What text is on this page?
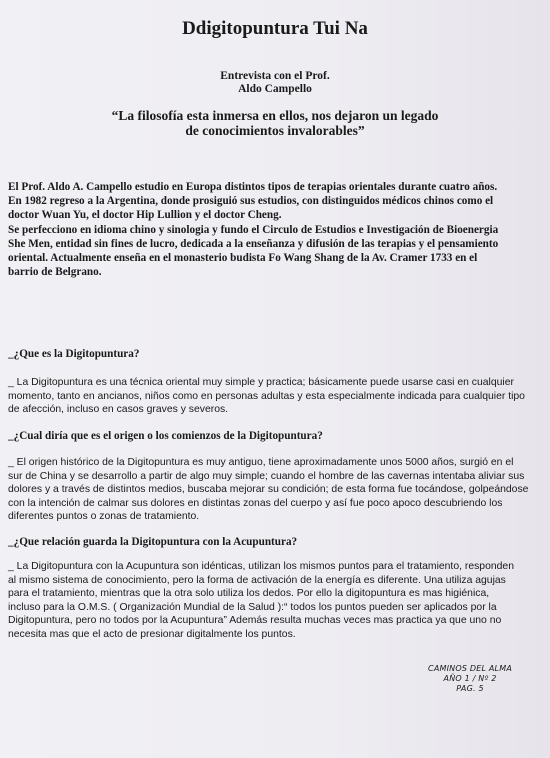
Ddigitopuntura Tui Na
Entrevista con el Prof.
Aldo Campello
“La filosofía esta inmersa en ellos, nos dejaron un legado
de conocimientos invalorables”
El Prof. Aldo A. Campello estudio en Europa distintos tipos de terapias orientales durante cuatro años.
En 1982 regreso a la Argentina, donde prosiguió sus estudios, con distinguidos médicos chinos como el
doctor Wuan Yu, el doctor Hip Lullion y el doctor Cheng.
Se perfecciono en idioma chino y sinologia y fundo el Circulo de Estudios e Investigación de Bioenergia
She Men, entidad sin fines de lucro, dedicada a la enseñanza y difusión de las terapias y el pensamiento
oriental. Actualmente enseña en el monasterio budista Fo Wang Shang de la Av. Cramer 1733 en el
barrio de Belgrano.
_¿Que es la Digitopuntura?
_ La Digitopuntura es una técnica oriental muy simple y practica; básicamente puede usarse casi en cualquier
momento, tanto en ancianos, niños como en personas adultas y esta especialmente indicada para cualquier tipo
de afección, incluso en casos graves y severos.
_¿Cual diría que es el origen o los comienzos de la Digitopuntura?
_ El origen histórico de la Digitopuntura es muy antiguo, tiene aproximadamente unos 5000 años, surgió en el
sur de China y se desarrollo a partir de algo muy simple; cuando el hombre de las cavernas intentaba aliviar sus
dolores y a través de distintos medios, buscaba mejorar su condición; de esta forma fue tocándose, golpeándose
con la intención de calmar sus dolores en distintas zonas del cuerpo y así fue poco apoco descubriendo los
diferentes puntos o zonas de tratamiento.
_¿Que relación guarda la Digitopuntura con la Acupuntura?
_ La Digitopuntura con la Acupuntura son idénticas, utilizan los mismos puntos para el tratamiento, responden
al mismo sistema de conocimiento, pero la forma de activación de la energía es diferente. Una utiliza agujas
para el tratamiento, mientras que la otra solo utiliza los dedos. Por ello la digitopuntura es mas higiénica,
incluso para la O.M.S. ( Organización Mundial de la Salud ):“ todos los puntos pueden ser aplicados por la
Digitopuntura, pero no todos por la Acupuntura” Además resulta muchas veces mas practica ya que uno no
necesita mas que el acto de presionar digitalmente los puntos.
CAMINOS DEL ALMA
AÑO 1 / Nº 2
PAG. 5
